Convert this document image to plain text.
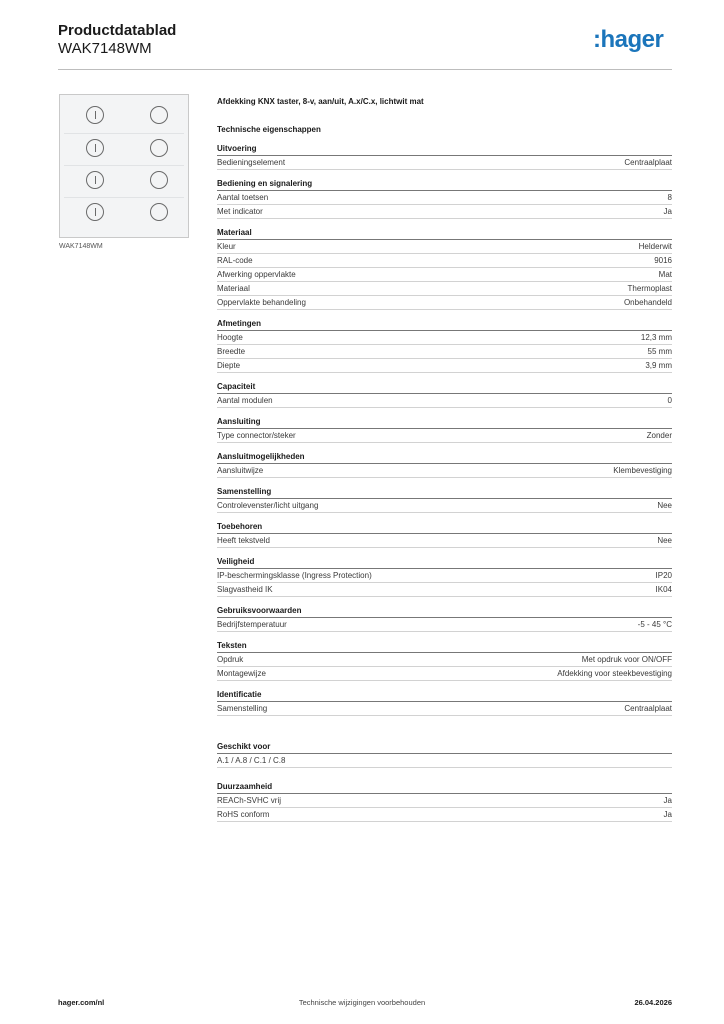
Productdatablad
WAK7148WM	:hager
WAK7148WM
Afdekking KNX taster, 8-v, aan/uit, A.x/C.x, lichtwit mat
Technische eigenschappen
Uitvoering
Bedieningselement	Centraalplaat
Bediening en signalering
Aantal toetsen	8
Met indicator	Ja
Materiaal
Kleur	Helderwit
RAL-code	9016
Afwerking oppervlakte	Mat
Materiaal	Thermoplast
Oppervlakte behandeling	Onbehandeld
Afmetingen
Hoogte	12,3 mm
Breedte	55 mm
Diepte	3,9 mm
Capaciteit
Aantal modulen	0
Aansluiting
Type connector/steker	Zonder
Aansluitmogelijkheden
Aansluitwijze	Klembevestiging
Samenstelling
Controlevenster/licht uitgang	Nee
Toebehoren
Heeft tekstveld	Nee
Veiligheid
IP-beschermingsklasse (Ingress Protection)	IP20
Slagvastheid IK	IK04
Gebruiksvoorwaarden
Bedrijfstemperatuur	-5 - 45 °C
Teksten
Opdruk	Met opdruk voor ON/OFF
Montagewijze	Afdekking voor steekbevestiging
Identificatie
Samenstelling	Centraalplaat
Geschikt voor
A.1 / A.8 / C.1 / C.8
Duurzaamheid
REACh-SVHC vrij	Ja
RoHS conform	Ja
hager.com/nl	Technische wijzigingen voorbehouden	26.04.2026
